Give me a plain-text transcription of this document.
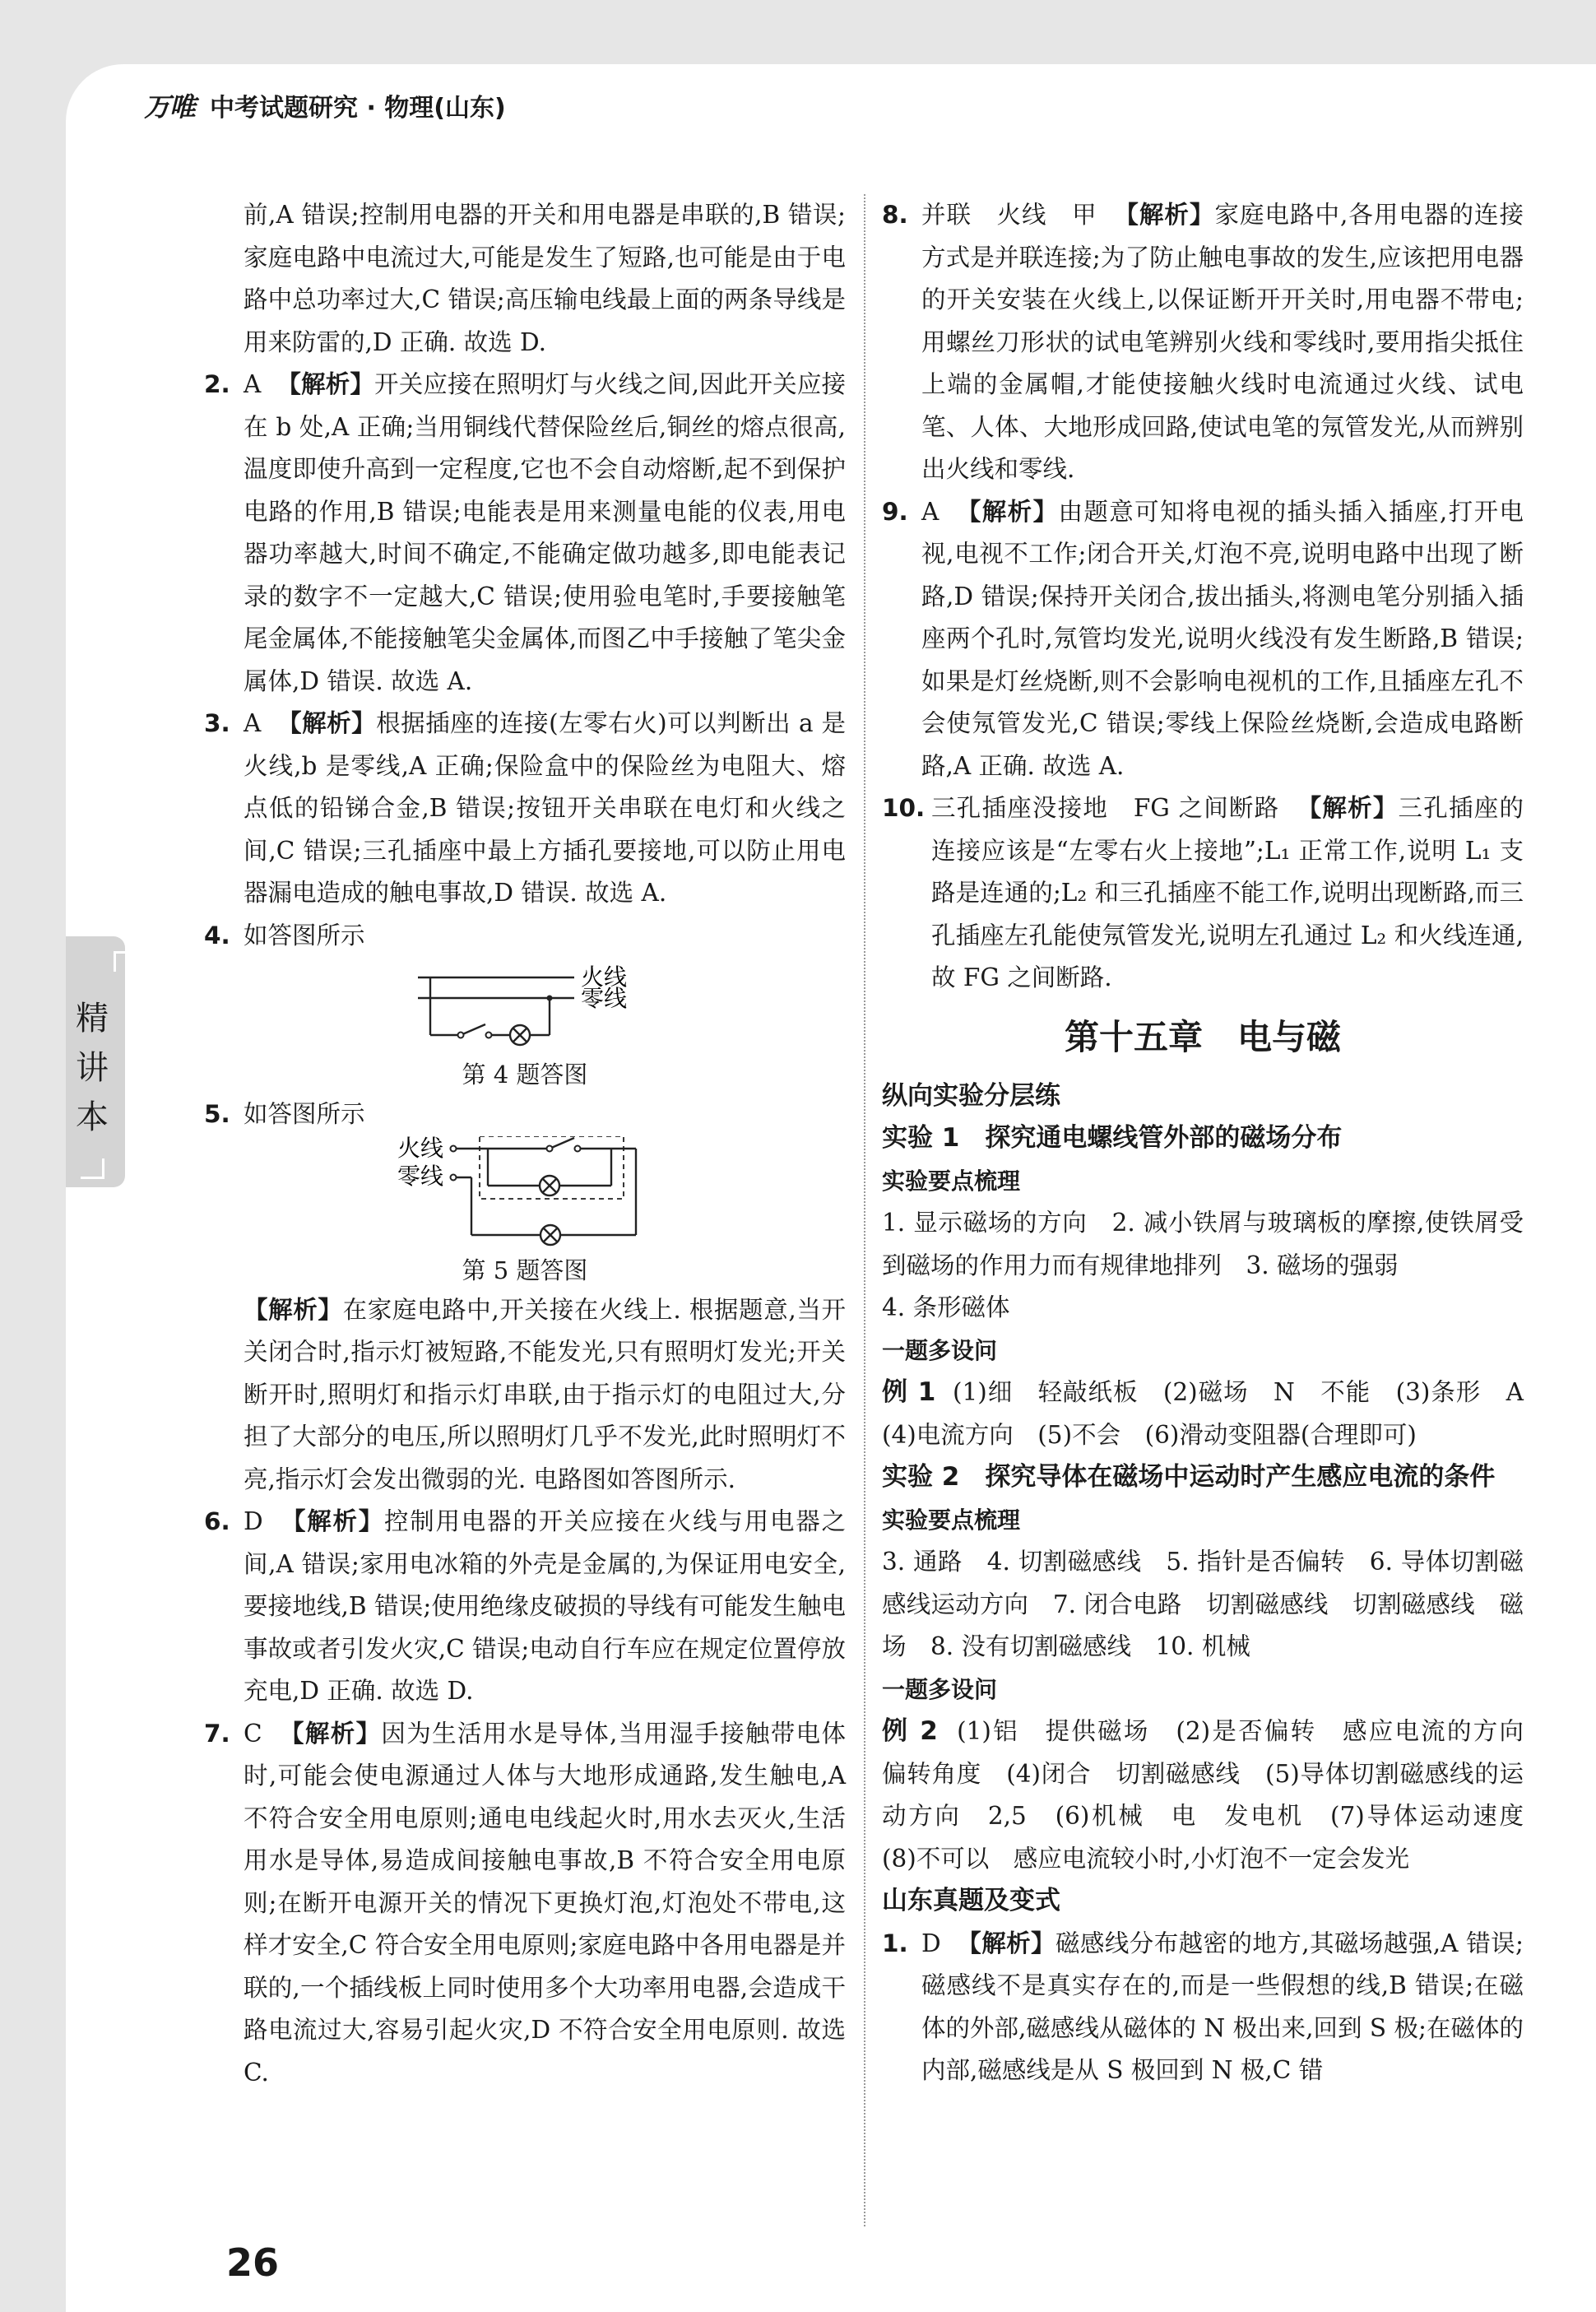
万唯 中考试题研究 · 物理(山东)
精
讲
本
前,A 错误;控制用电器的开关和用电器是串联的,B 错误;家庭电路中电流过大,可能是发生了短路,也可能是由于电路中总功率过大,C 错误;高压输电线最上面的两条导线是用来防雷的,D 正确. 故选 D.
2. A 【解析】开关应接在照明灯与火线之间,因此开关应接在 b 处,A 正确;当用铜线代替保险丝后,铜丝的熔点很高,温度即使升高到一定程度,它也不会自动熔断,起不到保护电路的作用,B 错误;电能表是用来测量电能的仪表,用电器功率越大,时间不确定,不能确定做功越多,即电能表记录的数字不一定越大,C 错误;使用验电笔时,手要接触笔尾金属体,不能接触笔尖金属体,而图乙中手接触了笔尖金属体,D 错误. 故选 A.
3. A 【解析】根据插座的连接(左零右火)可以判断出 a 是火线,b 是零线,A 正确;保险盒中的保险丝为电阻大、熔点低的铅锑合金,B 错误;按钮开关串联在电灯和火线之间,C 错误;三孔插座中最上方插孔要接地,可以防止用电器漏电造成的触电事故,D 错误. 故选 A.
4. 如答图所示
火线
零线
第 4 题答图
5. 如答图所示
火线
零线
第 5 题答图
【解析】在家庭电路中,开关接在火线上. 根据题意,当开关闭合时,指示灯被短路,不能发光,只有照明灯发光;开关断开时,照明灯和指示灯串联,由于指示灯的电阻过大,分担了大部分的电压,所以照明灯几乎不发光,此时照明灯不亮,指示灯会发出微弱的光. 电路图如答图所示.
6. D 【解析】控制用电器的开关应接在火线与用电器之间,A 错误;家用电冰箱的外壳是金属的,为保证用电安全,要接地线,B 错误;使用绝缘皮破损的导线有可能发生触电事故或者引发火灾,C 错误;电动自行车应在规定位置停放充电,D 正确. 故选 D.
7. C 【解析】因为生活用水是导体,当用湿手接触带电体时,可能会使电源通过人体与大地形成通路,发生触电,A 不符合安全用电原则;通电电线起火时,用水去灭火,生活用水是导体,易造成间接触电事故,B 不符合安全用电原则;在断开电源开关的情况下更换灯泡,灯泡处不带电,这样才安全,C 符合安全用电原则;家庭电路中各用电器是并联的,一个插线板上同时使用多个大功率用电器,会造成干路电流过大,容易引起火灾,D 不符合安全用电原则. 故选 C.
8. 并联　火线　甲 【解析】家庭电路中,各用电器的连接方式是并联连接;为了防止触电事故的发生,应该把用电器的开关安装在火线上,以保证断开开关时,用电器不带电;用螺丝刀形状的试电笔辨别火线和零线时,要用指尖抵住上端的金属帽,才能使接触火线时电流通过火线、试电笔、人体、大地形成回路,使试电笔的氖管发光,从而辨别出火线和零线.
9. A 【解析】由题意可知将电视的插头插入插座,打开电视,电视不工作;闭合开关,灯泡不亮,说明电路中出现了断路,D 错误;保持开关闭合,拔出插头,将测电笔分别插入插座两个孔时,氖管均发光,说明火线没有发生断路,B 错误;如果是灯丝烧断,则不会影响电视机的工作,且插座左孔不会使氖管发光,C 错误;零线上保险丝烧断,会造成电路断路,A 正确. 故选 A.
10. 三孔插座没接地　FG 之间断路 【解析】三孔插座的连接应该是“左零右火上接地”;L₁ 正常工作,说明 L₁ 支路是连通的;L₂ 和三孔插座不能工作,说明出现断路,而三孔插座左孔能使氖管发光,说明左孔通过 L₂ 和火线连通,故 FG 之间断路.
第十五章　电与磁
纵向实验分层练
实验 1　探究通电螺线管外部的磁场分布
实验要点梳理
1. 显示磁场的方向　2. 减小铁屑与玻璃板的摩擦,使铁屑受到磁场的作用力而有规律地排列　3. 磁场的强弱
4. 条形磁体
一题多设问
例 1 (1)细　轻敲纸板　(2)磁场　N　不能　(3)条形　A　(4)电流方向　(5)不会　(6)滑动变阻器(合理即可)
实验 2　探究导体在磁场中运动时产生感应电流的条件
实验要点梳理
3. 通路　4. 切割磁感线　5. 指针是否偏转　6. 导体切割磁感线运动方向　7. 闭合电路　切割磁感线　切割磁感线　磁场　8. 没有切割磁感线　10. 机械
一题多设问
例 2 (1)铝　提供磁场　(2)是否偏转　感应电流的方向　偏转角度　(4)闭合　切割磁感线　(5)导体切割磁感线的运动方向　2,5　(6)机械　电　发电机　(7)导体运动速度　(8)不可以　感应电流较小时,小灯泡不一定会发光
山东真题及变式
1. D 【解析】磁感线分布越密的地方,其磁场越强,A 错误;磁感线不是真实存在的,而是一些假想的线,B 错误;在磁体的外部,磁感线从磁体的 N 极出来,回到 S 极;在磁体的内部,磁感线是从 S 极回到 N 极,C 错
26
